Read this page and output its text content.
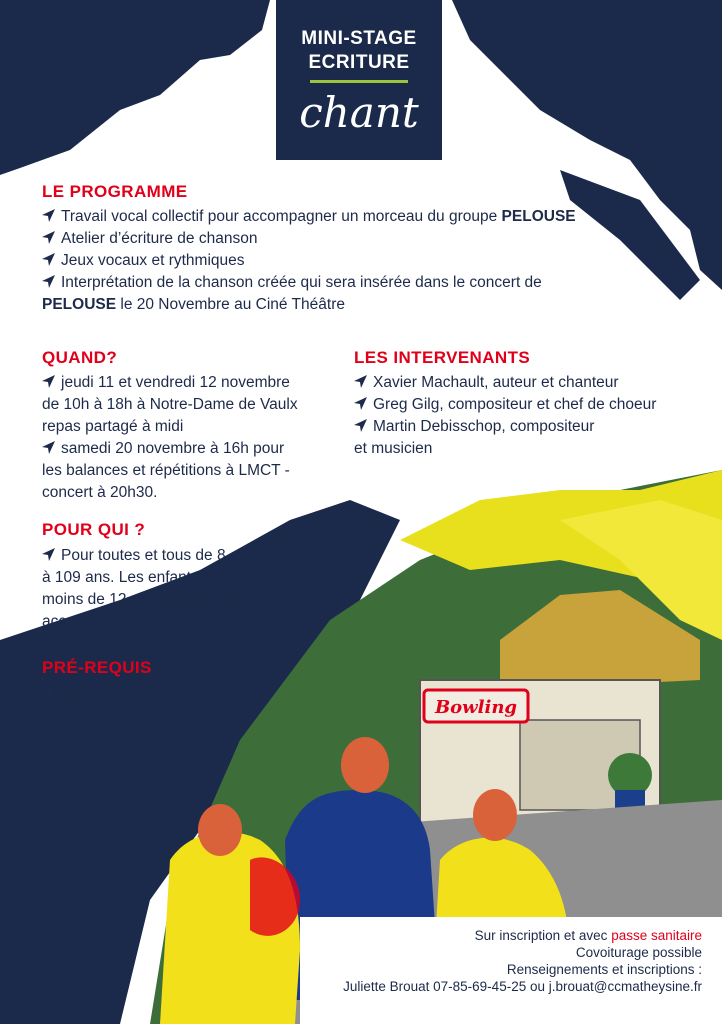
Bowling
MINI-STAGE
ECRITURE
chant
LE PROGRAMME
Travail vocal collectif pour accompagner un morceau du groupe PELOUSE
Atelier d’écriture de chanson
Jeux vocaux et rythmiques
Interprétation de la chanson créée qui sera insérée dans le concert de
PELOUSE le 20 Novembre au Ciné Théâtre
QUAND?
jeudi 11 et vendredi 12 novembre
de 10h à 18h à Notre-Dame de Vaulx
repas partagé à midi
samedi 20 novembre à 16h pour
les balances et répétitions à LMCT -
concert à 20h30.
LES INTERVENANTS
Xavier Machault, auteur et chanteur
Greg Gilg, compositeur et chef de choeur
Martin Debisschop, compositeur
et musicien
POUR QUI ?
Pour toutes et tous de 8
à 109 ans. Les enfants de
moins de 12 ans doivent être
accompagnés.
PRÉ-REQUIS
Aucun !
Sur inscription et avec passe sanitaire
Covoiturage possible
Renseignements et inscriptions :
Juliette Brouat 07-85-69-45-25 ou j.brouat@ccmatheysine.fr
